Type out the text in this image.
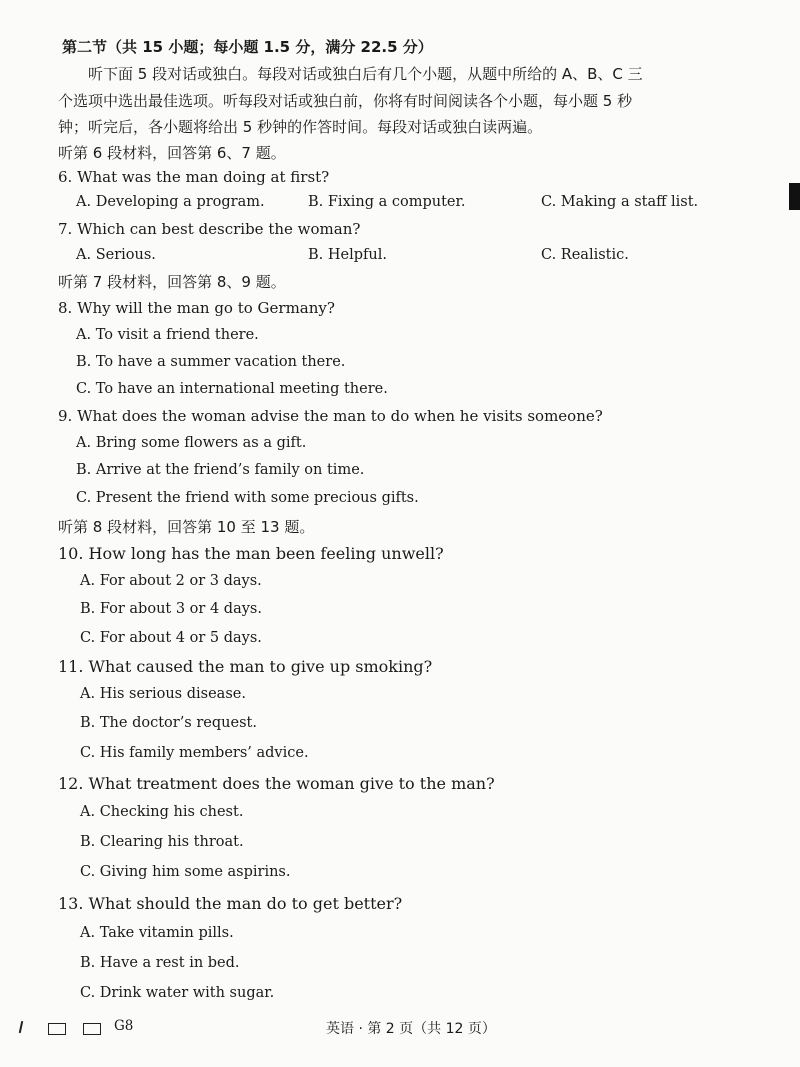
第二节（共 15 小题；每小题 1.5 分，满分 22.5 分）
听下面 5 段对话或独白。每段对话或独白后有几个小题，从题中所给的 A、B、C 三
个选项中选出最佳选项。听每段对话或独白前，你将有时间阅读各个小题，每小题 5 秒
钟；听完后，各小题将给出 5 秒钟的作答时间。每段对话或独白读两遍。
听第 6 段材料，回答第 6、7 题。
6. What was the man doing at first?
A. Developing a program.	B. Fixing a computer.	C. Making a staff list.
7. Which can best describe the woman?
A. Serious.	B. Helpful.	C. Realistic.
听第 7 段材料，回答第 8、9 题。
8. Why will the man go to Germany?
A. To visit a friend there.
B. To have a summer vacation there.
C. To have an international meeting there.
9. What does the woman advise the man to do when he visits someone?
A. Bring some flowers as a gift.
B. Arrive at the friend’s family on time.
C. Present the friend with some precious gifts.
听第 8 段材料，回答第 10 至 13 题。
10. How long has the man been feeling unwell?
A. For about 2 or 3 days.
B. For about 3 or 4 days.
C. For about 4 or 5 days.
11. What caused the man to give up smoking?
A. His serious disease.
B. The doctor’s request.
C. His family members’ advice.
12. What treatment does the woman give to the man?
A. Checking his chest.
B. Clearing his throat.
C. Giving him some aspirins.
13. What should the man do to get better?
A. Take vitamin pills.
B. Have a rest in bed.
C. Drink water with sugar.
G8	英语 · 第 2 页（共 12 页）
